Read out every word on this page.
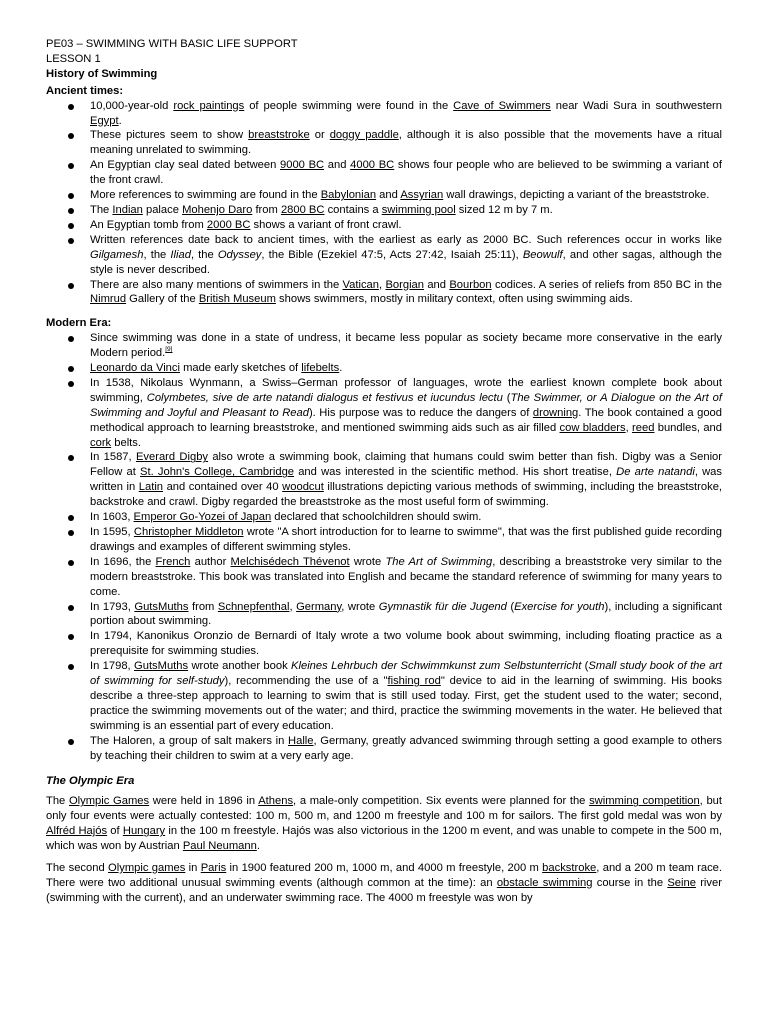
PE03 – SWIMMING WITH BASIC LIFE SUPPORT
LESSON 1
History of Swimming
Ancient times:
10,000-year-old rock paintings of people swimming were found in the Cave of Swimmers near Wadi Sura in southwestern Egypt.
These pictures seem to show breaststroke or doggy paddle, although it is also possible that the movements have a ritual meaning unrelated to swimming.
An Egyptian clay seal dated between 9000 BC and 4000 BC shows four people who are believed to be swimming a variant of the front crawl.
More references to swimming are found in the Babylonian and Assyrian wall drawings, depicting a variant of the breaststroke.
The Indian palace Mohenjo Daro from 2800 BC contains a swimming pool sized 12 m by 7 m.
An Egyptian tomb from 2000 BC shows a variant of front crawl.
Written references date back to ancient times, with the earliest as early as 2000 BC. Such references occur in works like Gilgamesh, the Iliad, the Odyssey, the Bible (Ezekiel 47:5, Acts 27:42, Isaiah 25:11), Beowulf, and other sagas, although the style is never described.
There are also many mentions of swimmers in the Vatican, Borgian and Bourbon codices. A series of reliefs from 850 BC in the Nimrud Gallery of the British Museum shows swimmers, mostly in military context, often using swimming aids.
Modern Era:
Since swimming was done in a state of undress, it became less popular as society became more conservative in the early Modern period.[9]
Leonardo da Vinci made early sketches of lifebelts.
In 1538, Nikolaus Wynmann, a Swiss–German professor of languages, wrote the earliest known complete book about swimming, Colymbetes, sive de arte natandi dialogus et festivus et iucundus lectu (The Swimmer, or A Dialogue on the Art of Swimming and Joyful and Pleasant to Read). His purpose was to reduce the dangers of drowning. The book contained a good methodical approach to learning breaststroke, and mentioned swimming aids such as air filled cow bladders, reed bundles, and cork belts.
In 1587, Everard Digby also wrote a swimming book, claiming that humans could swim better than fish. Digby was a Senior Fellow at St. John's College, Cambridge and was interested in the scientific method. His short treatise, De arte natandi, was written in Latin and contained over 40 woodcut illustrations depicting various methods of swimming, including the breaststroke, backstroke and crawl. Digby regarded the breaststroke as the most useful form of swimming.
In 1603, Emperor Go-Yozei of Japan declared that schoolchildren should swim.
In 1595, Christopher Middleton wrote "A short introduction for to learne to swimme", that was the first published guide recording drawings and examples of different swimming styles.
In 1696, the French author Melchisédech Thévenot wrote The Art of Swimming, describing a breaststroke very similar to the modern breaststroke. This book was translated into English and became the standard reference of swimming for many years to come.
In 1793, GutsMuths from Schnepfenthal, Germany, wrote Gymnastik für die Jugend (Exercise for youth), including a significant portion about swimming.
In 1794, Kanonikus Oronzio de Bernardi of Italy wrote a two volume book about swimming, including floating practice as a prerequisite for swimming studies.
In 1798, GutsMuths wrote another book Kleines Lehrbuch der Schwimmkunst zum Selbstunterricht (Small study book of the art of swimming for self-study), recommending the use of a "fishing rod" device to aid in the learning of swimming. His books describe a three-step approach to learning to swim that is still used today. First, get the student used to the water; second, practice the swimming movements out of the water; and third, practice the swimming movements in the water. He believed that swimming is an essential part of every education.
The Haloren, a group of salt makers in Halle, Germany, greatly advanced swimming through setting a good example to others by teaching their children to swim at a very early age.
The Olympic Era

The Olympic Games were held in 1896 in Athens, a male-only competition. Six events were planned for the swimming competition, but only four events were actually contested: 100 m, 500 m, and 1200 m freestyle and 100 m for sailors. The first gold medal was won by Alfréd Hajós of Hungary in the 100 m freestyle. Hajós was also victorious in the 1200 m event, and was unable to compete in the 500 m, which was won by Austrian Paul Neumann.

The second Olympic games in Paris in 1900 featured 200 m, 1000 m, and 4000 m freestyle, 200 m backstroke, and a 200 m team race. There were two additional unusual swimming events (although common at the time): an obstacle swimming course in the Seine river (swimming with the current), and an underwater swimming race. The 4000 m freestyle was won by
